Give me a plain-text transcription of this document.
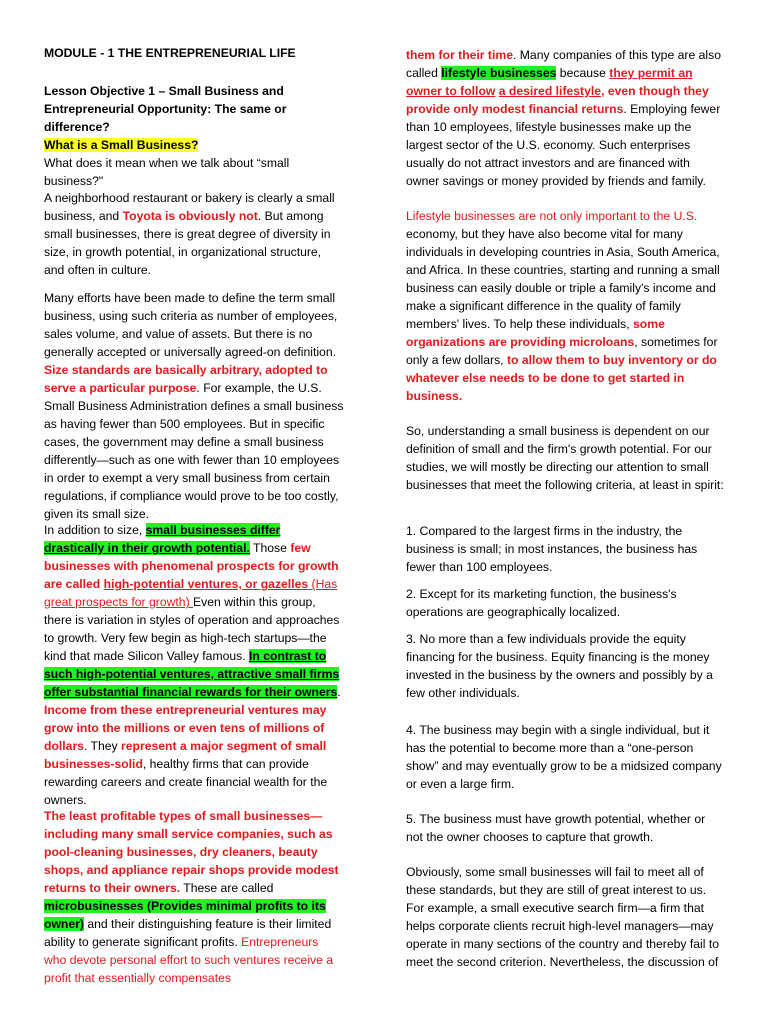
MODULE - 1 THE ENTREPRENEURIAL LIFE

Lesson Objective 1 – Small Business and Entrepreneurial Opportunity: The same or difference?

What is a Small Business?
What does it mean when we talk about “small business?"

A neighborhood restaurant or bakery is clearly a small business, and Toyota is obviously not. But among small businesses, there is great degree of diversity in size, in growth potential, in organizational structure, and often in culture.

Many efforts have been made to define the term small business, using such criteria as number of employees, sales volume, and value of assets. But there is no generally accepted or universally agreed-on definition. Size standards are basically arbitrary, adopted to serve a particular purpose. For example, the U.S. Small Business Administration defines a small business as having fewer than 500 employees. But in specific cases, the government may define a small business differently—such as one with fewer than 10 employees in order to exempt a very small business from certain regulations, if compliance would prove to be too costly, given its small size.

In addition to size, small businesses differ drastically in their growth potential. Those few businesses with phenomenal prospects for growth are called high-potential ventures, or gazelles (Has great prospects for growth) Even within this group, there is variation in styles of operation and approaches to growth. Very few begin as high-tech startups—the kind that made Silicon Valley famous. In contrast to such high-potential ventures, attractive small firms offer substantial financial rewards for their owners. Income from these entrepreneurial ventures may grow into the millions or even tens of millions of dollars. They represent a major segment of small businesses-solid, healthy firms that can provide rewarding careers and create financial wealth for the owners.

The least profitable types of small businesses—including many small service companies, such as pool-cleaning businesses, dry cleaners, beauty shops, and appliance repair shops provide modest returns to their owners. These are called microbusinesses (Provides minimal profits to its owner) and their distinguishing feature is their limited ability to generate significant profits. Entrepreneurs who devote personal effort to such ventures receive a profit that essentially compensates

them for their time. Many companies of this type are also called lifestyle businesses because they permit an owner to follow a desired lifestyle, even though they provide only modest financial returns. Employing fewer than 10 employees, lifestyle businesses make up the largest sector of the U.S. economy. Such enterprises usually do not attract investors and are financed with owner savings or money provided by friends and family.

Lifestyle businesses are not only important to the U.S. economy, but they have also become vital for many individuals in developing countries in Asia, South America, and Africa. In these countries, starting and running a small business can easily double or triple a family's income and make a significant difference in the quality of family members' lives. To help these individuals, some organizations are providing microloans, sometimes for only a few dollars, to allow them to buy inventory or do whatever else needs to be done to get started in business.

So, understanding a small business is dependent on our definition of small and the firm's growth potential. For our studies, we will mostly be directing our attention to small businesses that meet the following criteria, at least in spirit:

1. Compared to the largest firms in the industry, the business is small; in most instances, the business has fewer than 100 employees.

2. Except for its marketing function, the business's operations are geographically localized.

3. No more than a few individuals provide the equity financing for the business. Equity financing is the money invested in the business by the owners and possibly by a few other individuals.

4. The business may begin with a single individual, but it has the potential to become more than a “one-person show” and may eventually grow to be a midsized company or even a large firm.

5. The business must have growth potential, whether or not the owner chooses to capture that growth.

Obviously, some small businesses will fail to meet all of these standards, but they are still of great interest to us. For example, a small executive search firm—a firm that helps corporate clients recruit high-level managers—may operate in many sections of the country and thereby fail to meet the second criterion. Nevertheless, the discussion of
